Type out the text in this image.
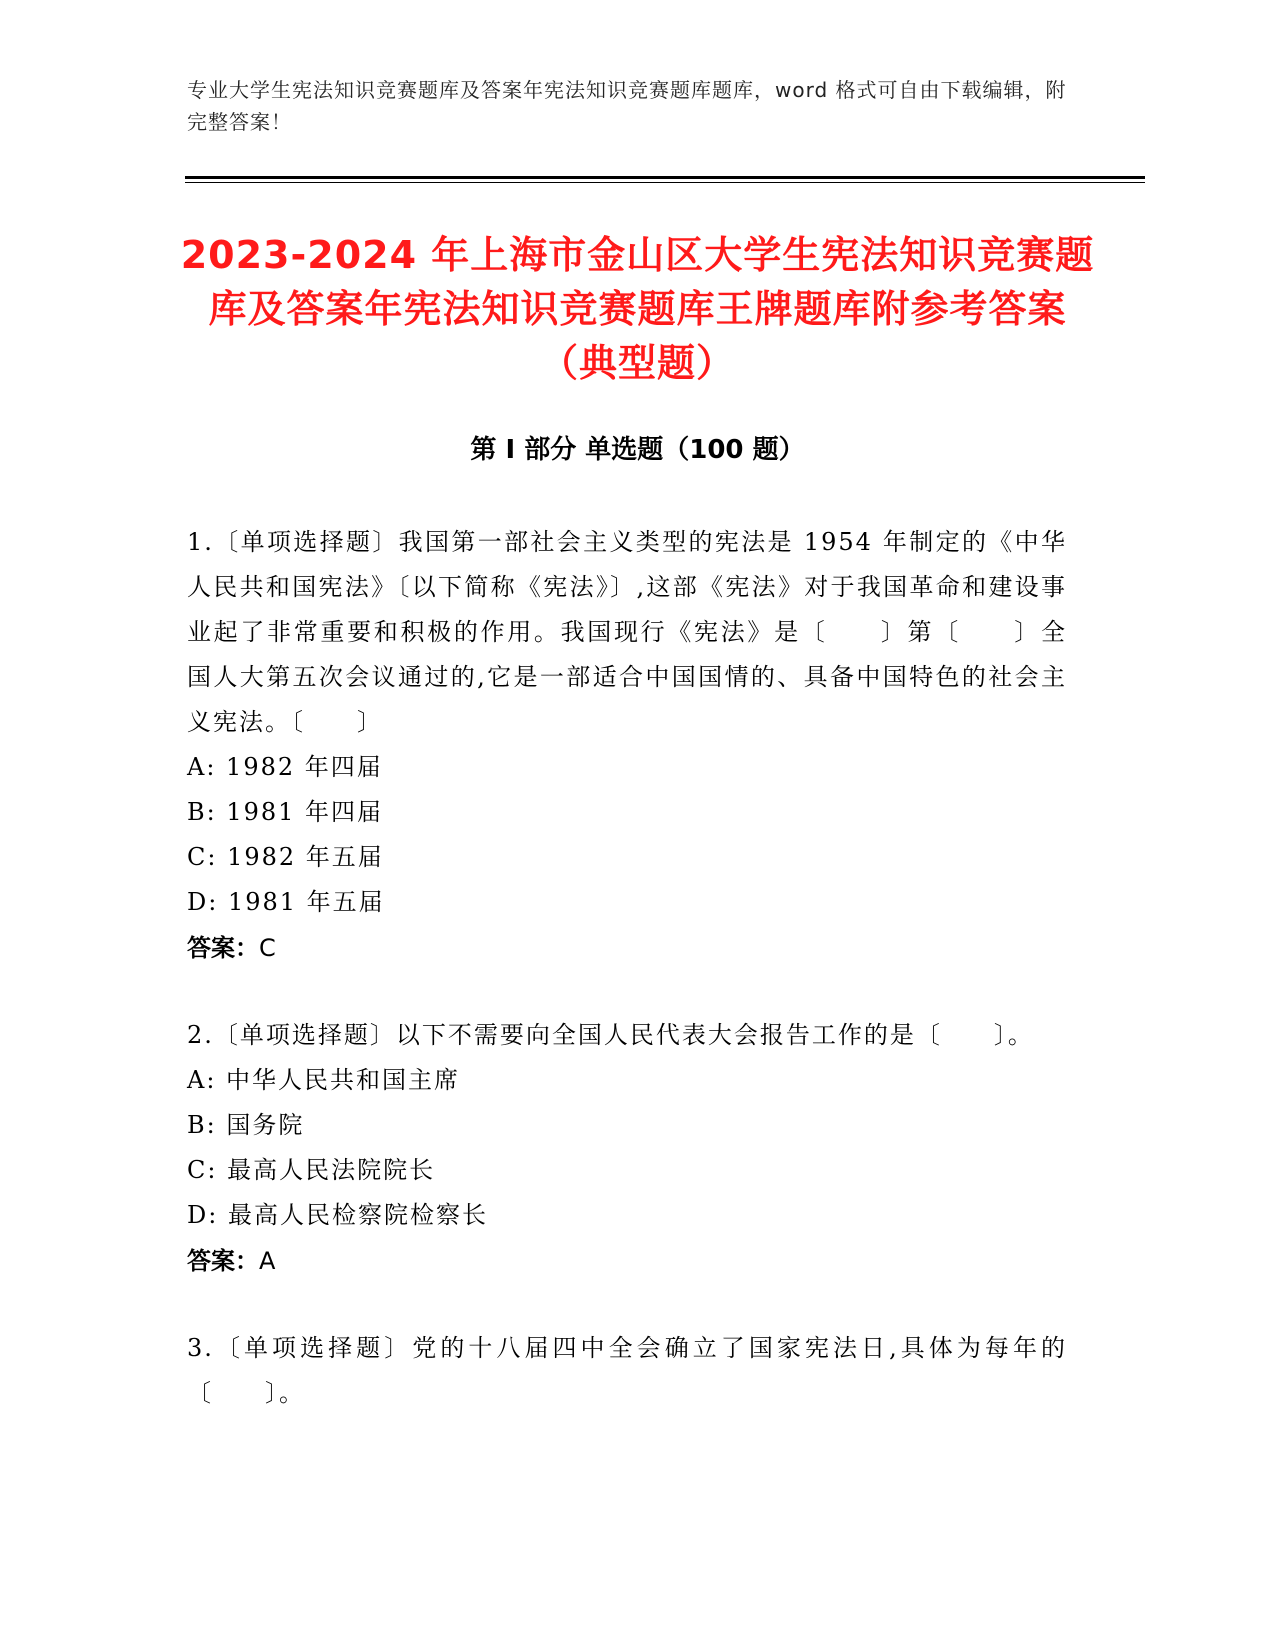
专业大学生宪法知识竞赛题库及答案年宪法知识竞赛题库题库，word 格式可自由下载编辑，附完整答案！
2023-2024 年上海市金山区大学生宪法知识竞赛题库及答案年宪法知识竞赛题库王牌题库附参考答案（典型题）
第 I 部分 单选题（100 题）

1.〔单项选择题〕我国第一部社会主义类型的宪法是 1954 年制定的《中华人民共和国宪法》〔以下简称《宪法》〕,这部《宪法》对于我国革命和建设事业起了非常重要和积极的作用。我国现行《宪法》是〔　　〕第〔　　〕全国人大第五次会议通过的,它是一部适合中国国情的、具备中国特色的社会主义宪法。〔　　〕

A: 1982 年四届

B: 1981 年四届

C: 1982 年五届

D: 1981 年五届

答案：C

2.〔单项选择题〕以下不需要向全国人民代表大会报告工作的是〔　　〕。

A: 中华人民共和国主席

B: 国务院

C: 最高人民法院院长

D: 最高人民检察院检察长

答案：A

3.〔单项选择题〕党的十八届四中全会确立了国家宪法日,具体为每年的〔　　〕。
